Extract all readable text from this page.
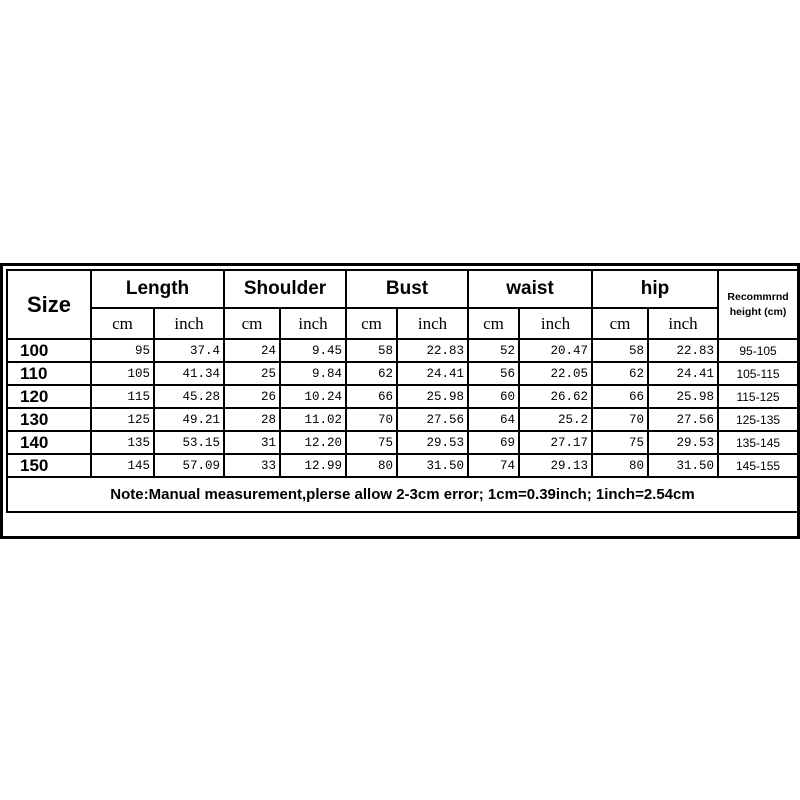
Size	Length		Shoulder		Bust		waist		hip		Recommrnd height (cm)
	cm	inch	cm	inch	cm	inch	cm	inch	cm	inch	
100	95	37.4	24	9.45	58	22.83	52	20.47	58	22.83	95-105
110	105	41.34	25	9.84	62	24.41	56	22.05	62	24.41	105-115
120	115	45.28	26	10.24	66	25.98	60	26.62	66	25.98	115-125
130	125	49.21	28	11.02	70	27.56	64	25.2	70	27.56	125-135
140	135	53.15	31	12.20	75	29.53	69	27.17	75	29.53	135-145
150	145	57.09	33	12.99	80	31.50	74	29.13	80	31.50	145-155
Note:Manual measurement,plerse allow 2-3cm error; 1cm=0.39inch; 1inch=2.54cm											
